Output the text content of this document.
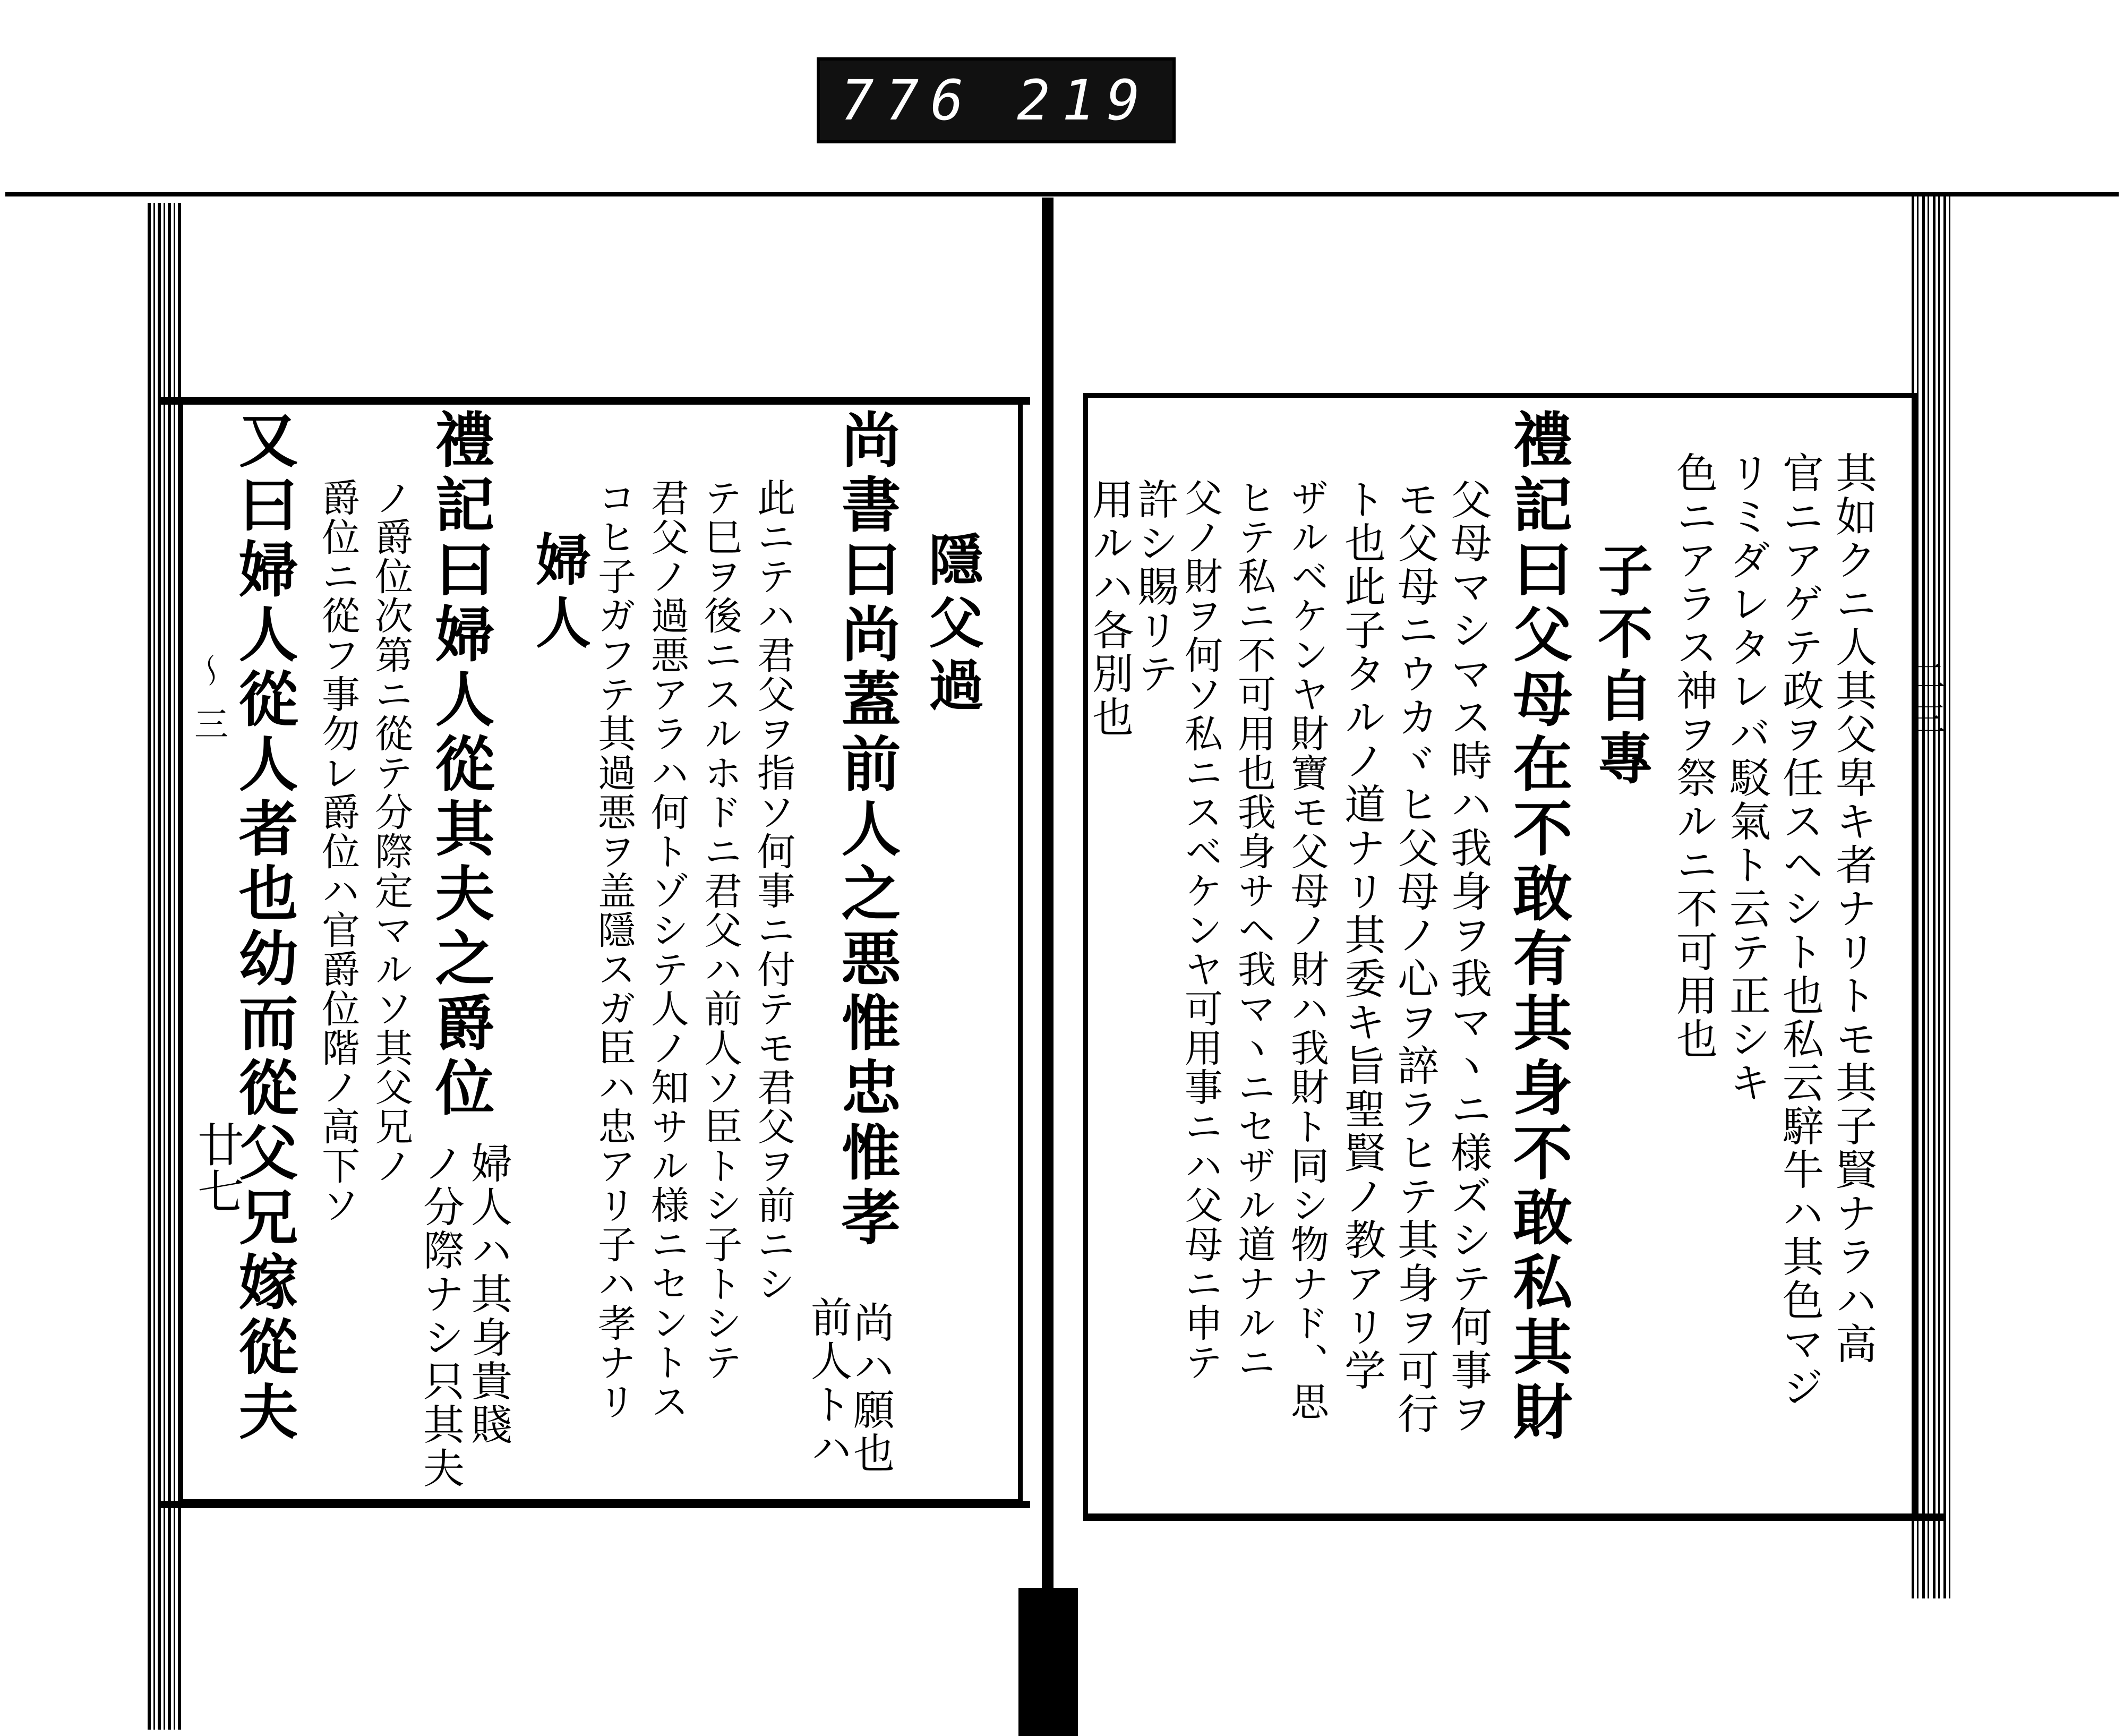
776 219
〜
三
廿七
二
三
其如クニ人其父卑キ者ナリトモ其子賢ナラハ高
官ニアゲテ政ヲ任スヘシト也私云騂牛ハ其色マジ
リミダレタレバ駁氣ト云テ正シキ
色ニアラス神ヲ祭ルニ不可用也
子不自專
禮記曰父母在不敢有其身不敢私其財
父母マシマス時ハ我身ヲ我マヽニ様ズシテ何事ヲ
モ父母ニウカヾヒ父母ノ心ヲ誶ラヒテ其身ヲ可行
ト也此子タルノ道ナリ其委キ旨聖賢ノ教アリ学
ザルベケンヤ財寶モ父母ノ財ハ我財ト同シ物ナド、思
ヒテ私ニ不可用也我身サヘ我マヽニセザル道ナルニ
父ノ財ヲ何ソ私ニスベケンヤ可用事ニハ父母ニ申テ
許シ賜リテ
用ルハ各別也
隱父過
尚書曰尚蓋前人之悪惟忠惟孝
尚ハ願也
前人トハ
此ニテハ君父ヲ指ソ何事ニ付テモ君父ヲ前ニシ
テ巳ヲ後ニスルホドニ君父ハ前人ソ臣トシ子トシテ
君父ノ過悪アラハ何トゾシテ人ノ知サル様ニセントス
コヒ子ガフテ其過悪ヲ盖隱スガ臣ハ忠アリ子ハ孝ナリ
婦人
禮記曰婦人從其夫之爵位
婦人ハ其身貴賤
ノ分際ナシ只其夫
ノ爵位次第ニ從テ分際定マルソ其父兄ノ
爵位ニ從フ事勿レ爵位ハ官爵位階ノ高下ソ
又曰婦人從人者也幼而從父兄嫁從夫
